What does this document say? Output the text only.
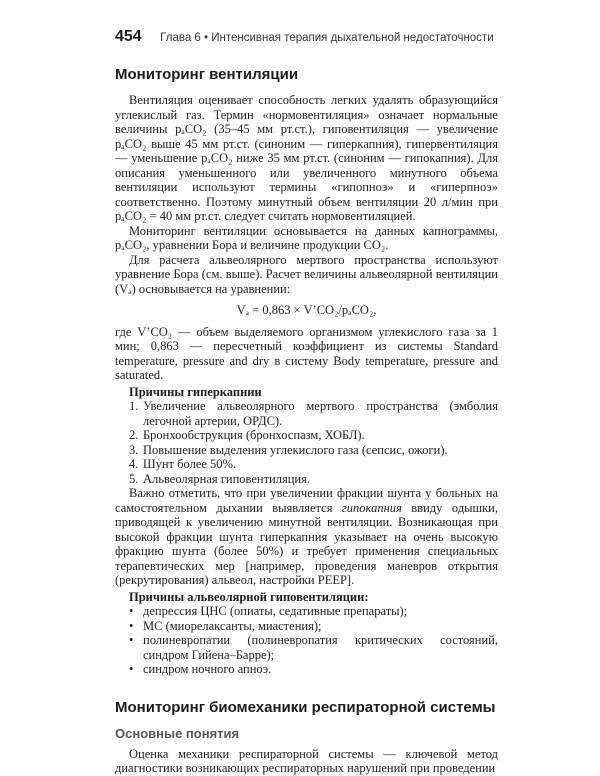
454 Глава 6 • Интенсивная терапия дыхательной недостаточности
Мониторинг вентиляции

Вентиляция оценивает способность легких удалять образующийся углекислый газ. Термин «нормовентиляция» означает нормальные величины pₐCO₂ (35–45 мм рт.ст.), гиповентиляция — увеличение pₐCO₂ выше 45 мм рт.ст. (синоним — гиперкапния), гипервентиляция — уменьшение pₐCO₂ ниже 35 мм рт.ст. (синоним — гипокапния). Для описания уменьшенного или увеличенного минутного объема вентиляции используют термины «гипопноэ» и «гиперпноэ» соответственно. Поэтому минутный объем вентиляции 20 л/мин при pₐCO₂ = 40 мм рт.ст. следует считать нормовентиляцией.

Мониторинг вентиляции основывается на данных капнограммы, pₐCO₂, уравнении Бора и величине продукции CO₂.

Для расчета альвеолярного мертвого пространства используют уравнение Бора (см. выше). Расчет величины альвеолярной вентиляции (Vₐ) основывается на уравнении:

Vₐ = 0,863 × V’CO₂/pₐCO₂,

где V’CO₂ — объем выделяемого организмом углекислого газа за 1 мин; 0,863 — пересчетный коэффициент из системы Standard temperature, pressure and dry в систему Body temperature, pressure and saturated.

Причины гиперкапнии
1. Увеличение альвеолярного мертвого пространства (эмболия легочной артерии, ОРДС).
2. Бронхообструкция (бронхоспазм, ХОБЛ).
3. Повышение выделения углекислого газа (сепсис, ожоги).
4. Шунт более 50%.
5. Альвеолярная гиповентиляция.

Важно отметить, что при увеличении фракции шунта у больных на самостоятельном дыхании выявляется гипокапния ввиду одышки, приводящей к увеличению минутной вентиляции. Возникающая при высокой фракции шунта гиперкапния указывает на очень высокую фракцию шунта (более 50%) и требует применения специальных терапевтических мер [например, проведения маневров открытия (рекрутирования) альвеол, настройки PEEP].

Причины альвеолярной гиповентиляции:
• депрессия ЦНС (опиаты, седативные препараты);
• МС (миорелаксанты, миастения);
• полиневропатии (полиневропатия критических состояний, синдром Гийена–Барре);
• синдром ночного апноэ.
Мониторинг биомеханики респираторной системы
Основные понятия

Оценка механики респираторной системы — ключевой метод диагностики возникающих респираторных нарушений при проведении
